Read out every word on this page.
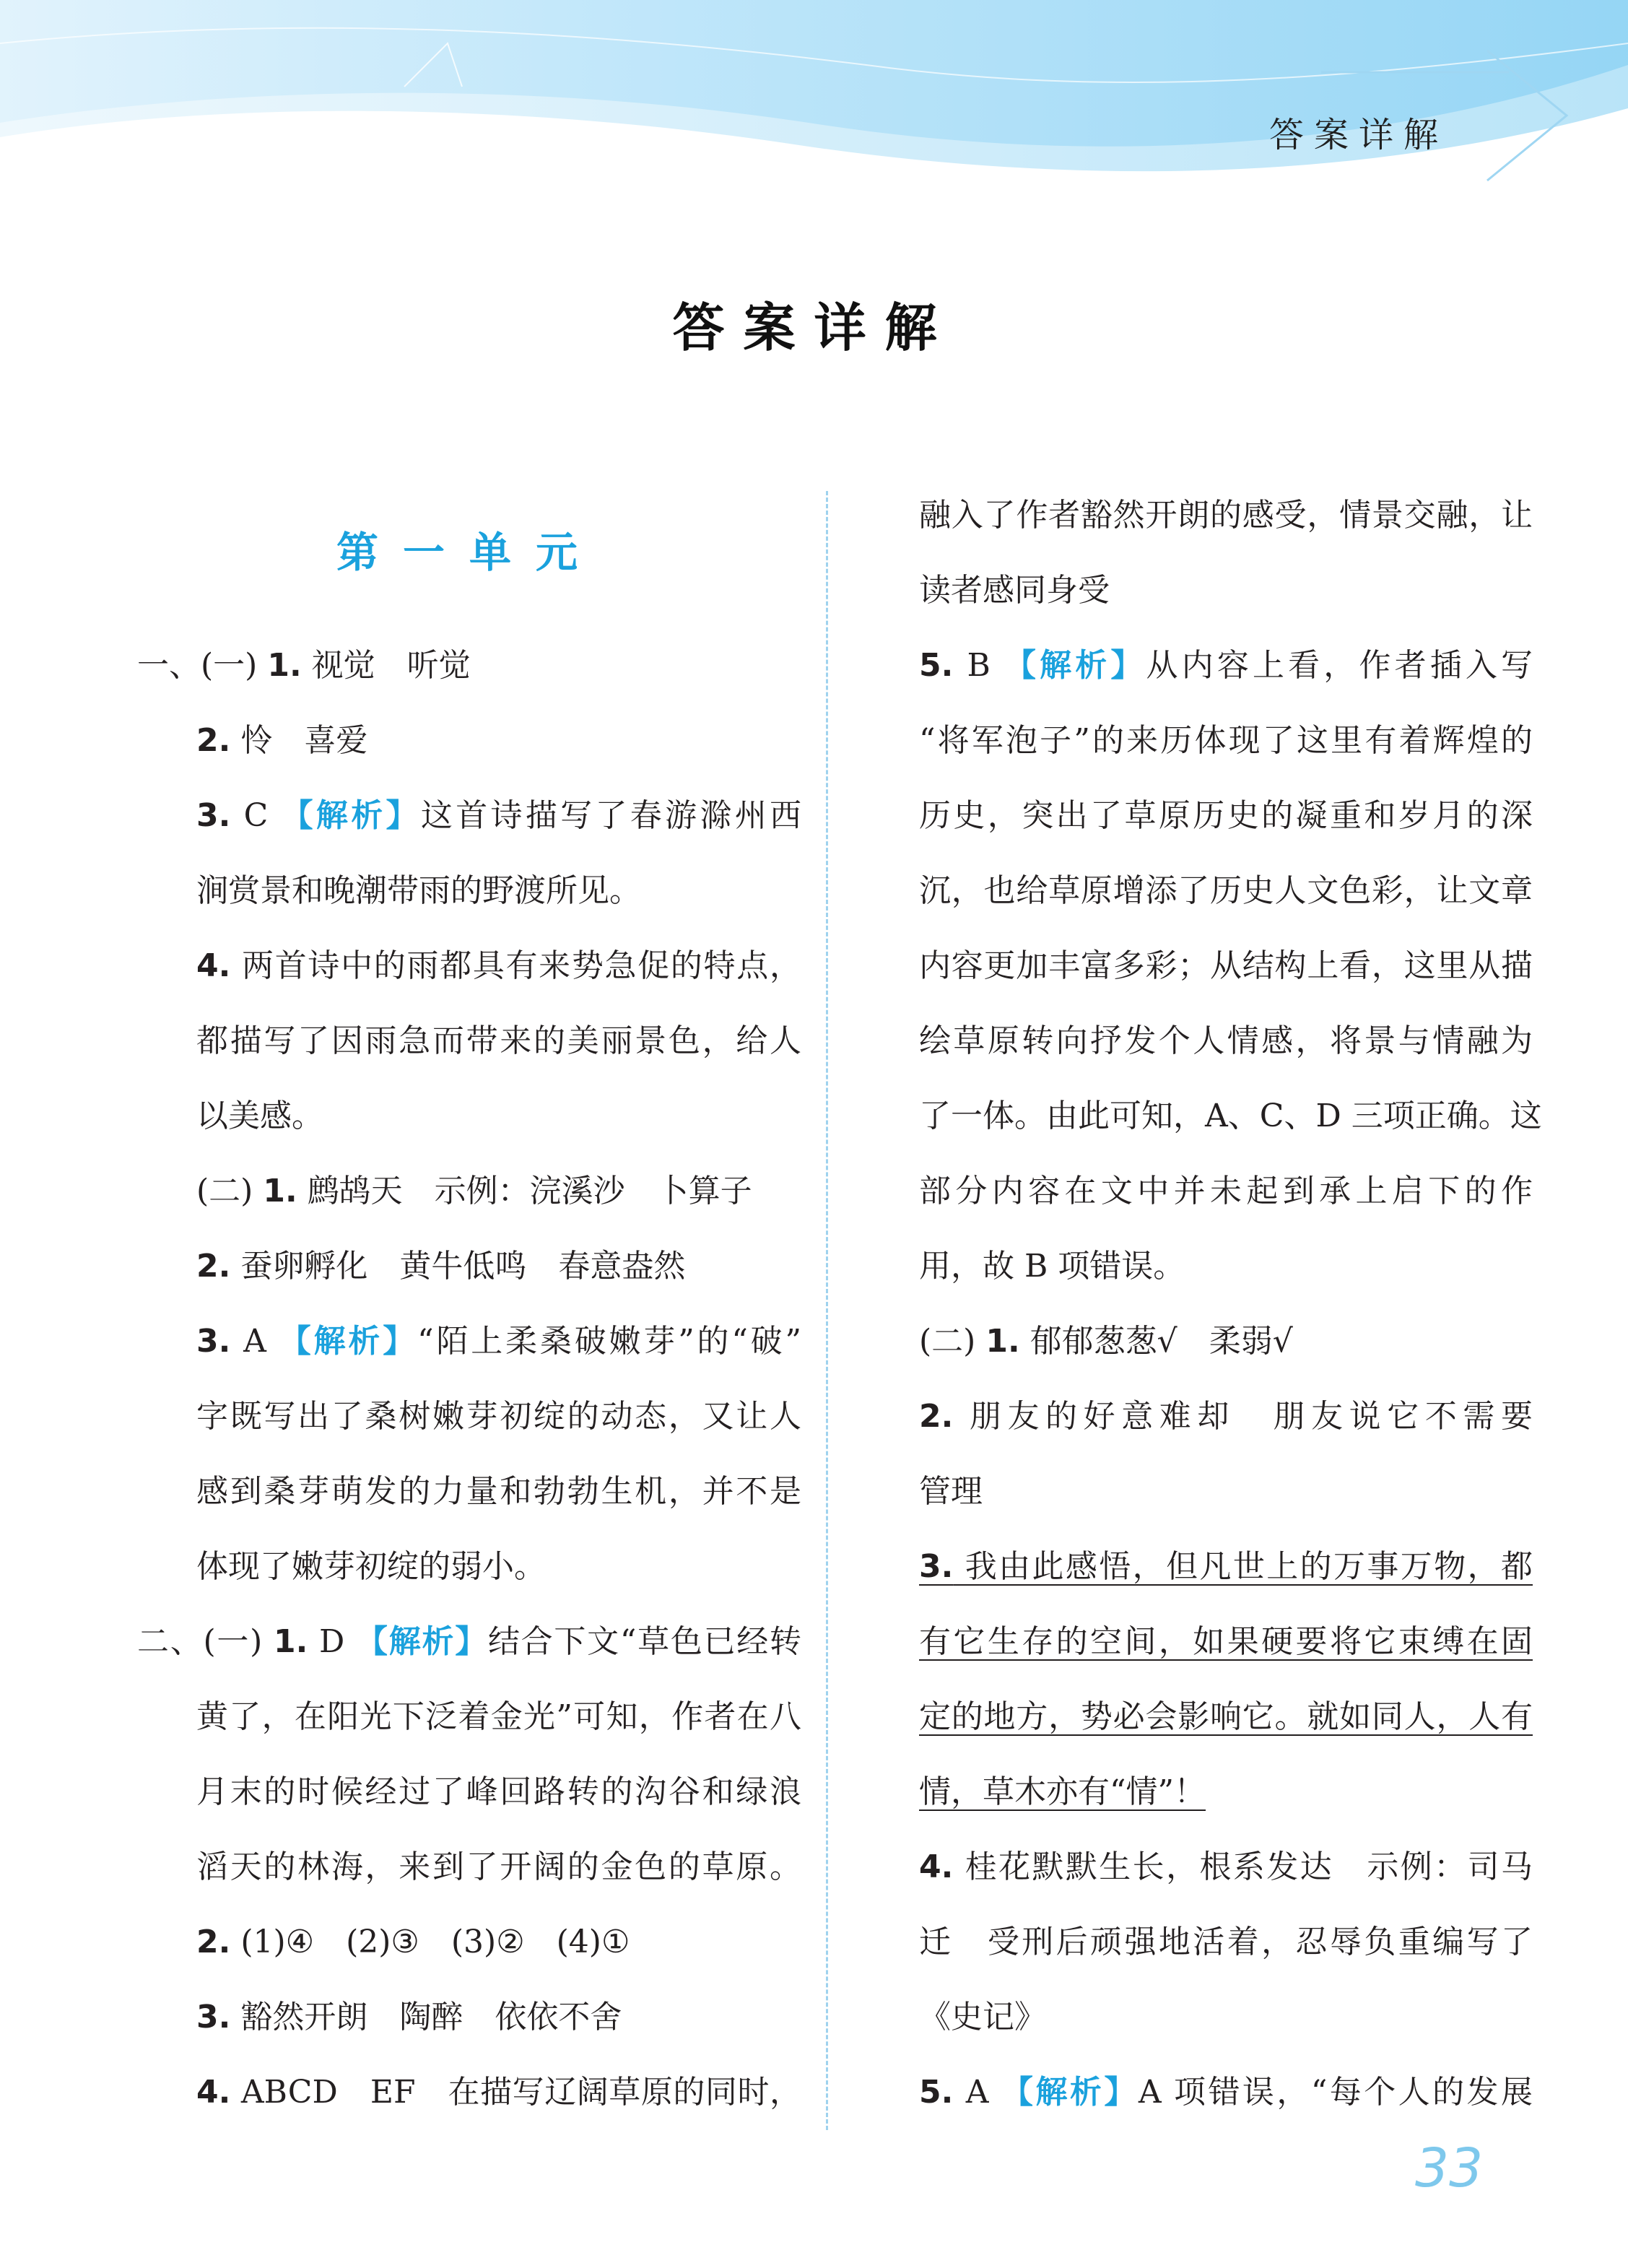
答案详解
答案详解
第一单元
一、(一) 1. 视觉　听觉
2. 怜　喜爱
3. C 【解析】这首诗描写了春游滁州西
涧赏景和晚潮带雨的野渡所见。
4. 两首诗中的雨都具有来势急促的特点，
都描写了因雨急而带来的美丽景色，给人
以美感。
(二) 1. 鹧鸪天　示例：浣溪沙　卜算子
2. 蚕卵孵化　黄牛低鸣　春意盎然
3. A 【解析】“陌上柔桑破嫩芽”的“破”
字既写出了桑树嫩芽初绽的动态，又让人
感到桑芽萌发的力量和勃勃生机，并不是
体现了嫩芽初绽的弱小。
二、(一) 1. D 【解析】结合下文“草色已经转
黄了，在阳光下泛着金光”可知，作者在八
月末的时候经过了峰回路转的沟谷和绿浪
滔天的林海，来到了开阔的金色的草原。
2. (1)④　(2)③　(3)②　(4)①
3. 豁然开朗　陶醉　依依不舍
4. ABCD　EF　在描写辽阔草原的同时，
融入了作者豁然开朗的感受，情景交融，让
读者感同身受
5. B 【解析】从内容上看，作者插入写
“将军泡子”的来历体现了这里有着辉煌的
历史，突出了草原历史的凝重和岁月的深
沉，也给草原增添了历史人文色彩，让文章
内容更加丰富多彩；从结构上看，这里从描
绘草原转向抒发个人情感，将景与情融为
了一体。由此可知，A、C、D 三项正确。这
部分内容在文中并未起到承上启下的作
用，故 B 项错误。
(二) 1. 郁郁葱葱√　柔弱√
2. 朋友的好意难却　朋友说它不需要
管理
3. 我由此感悟，但凡世上的万事万物，都
有它生存的空间，如果硬要将它束缚在固
定的地方，势必会影响它。就如同人，人有
情，草木亦有“情”！
4. 桂花默默生长，根系发达　示例：司马
迁　受刑后顽强地活着，忍辱负重编写了
《史记》
5. A 【解析】A 项错误，“每个人的发展
33
